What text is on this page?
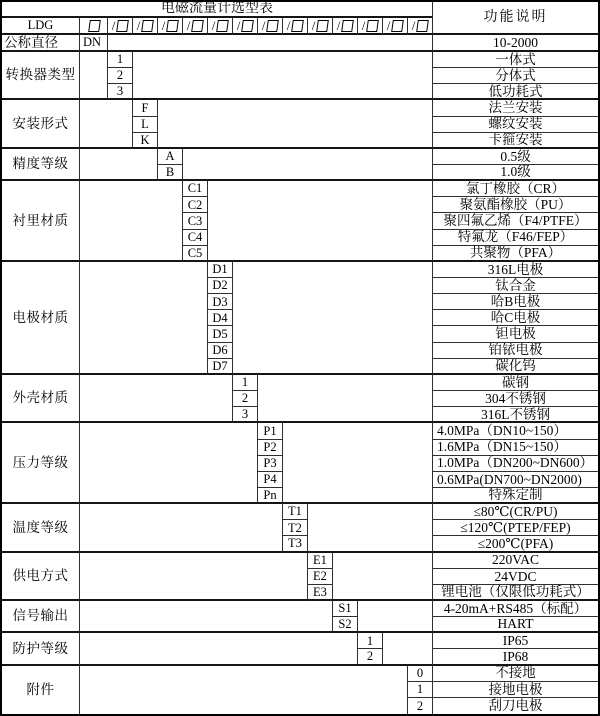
电磁流量计选型表
功能说明
LDG	/ / / / / / / / / / / / /
公称直径	DN	10-2000
转换器类型
1	一体式
2	分体式
3	低功耗式
安装形式
F	法兰安装
L	螺纹安装
K	卡箍安装
精度等级
A	0.5级
B	1.0级
衬里材质
C1	氯丁橡胶（CR）
C2	聚氨酯橡胶（PU）
C3	聚四氟乙烯（F4/PTFE）
C4	特氟龙（F46/FEP）
C5	共聚物（PFA）
电极材质
D1	316L电极
D2	钛合金
D3	哈B电极
D4	哈C电极
D5	钽电极
D6	铂铱电极
D7	碳化钨
外壳材质
1	碳钢
2	304不锈钢
3	316L不锈钢
压力等级
P1	4.0MPa（DN10~150）
P2	1.6MPa（DN15~150）
P3	1.0MPa（DN200~DN600）
P4	0.6MPa(DN700~DN2000)
Pn	特殊定制
温度等级
T1	≤80℃(CR/PU)
T2	≤120℃(PTEP/FEP)
T3	≤200℃(PFA)
供电方式
E1	220VAC
E2	24VDC
E3	锂电池（仅限低功耗式）
信号输出
S1	4-20mA+RS485（标配）
S2	HART
防护等级
1	IP65
2	IP68
附件
0	不接地
1	接地电极
2	刮刀电极
